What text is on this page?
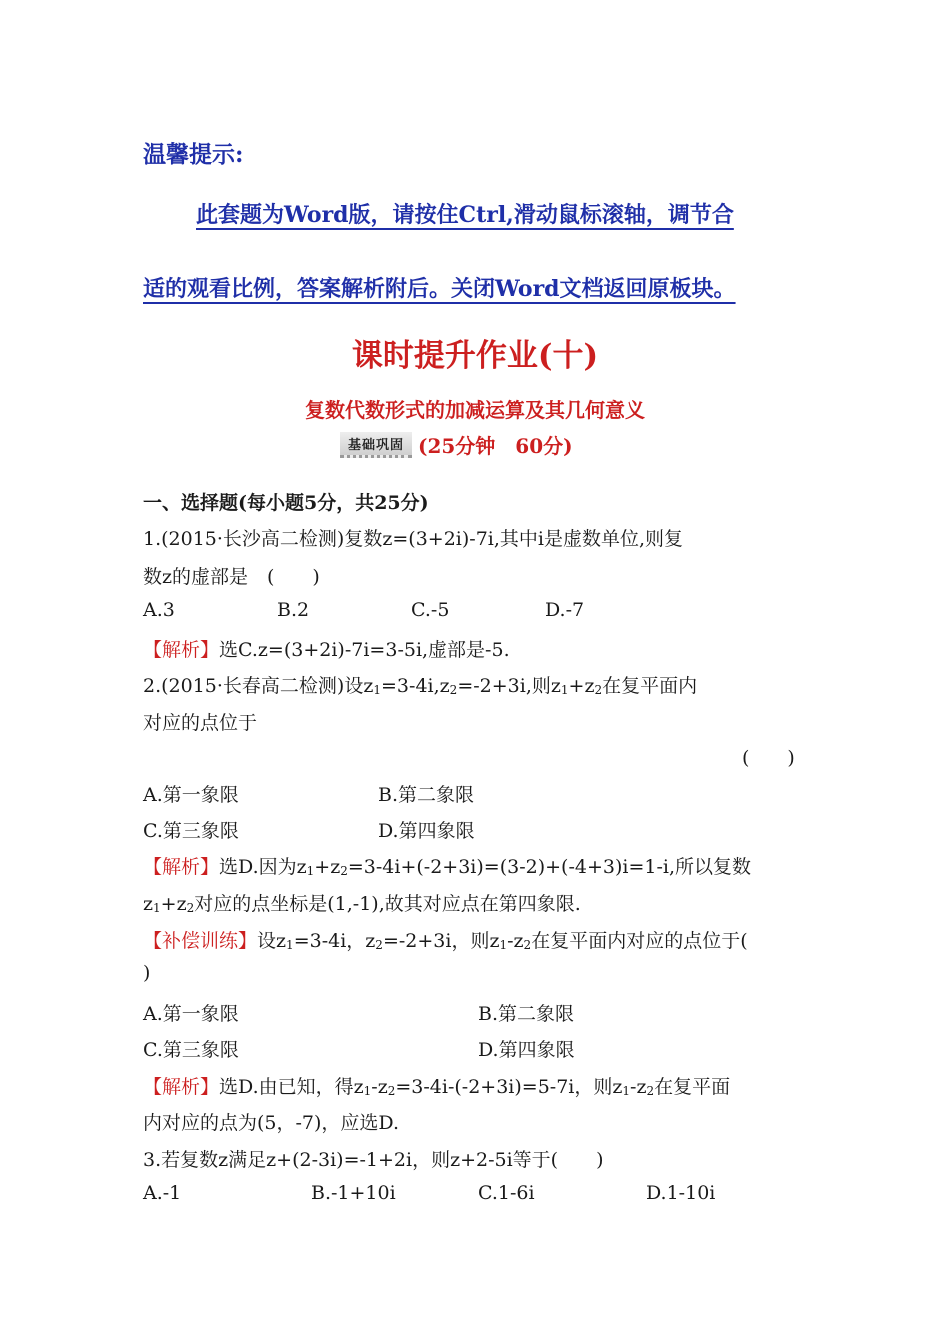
温馨提示:
此套题为Word版，请按住Ctrl,滑动鼠标滚轴，调节合
适的观看比例，答案解析附后。关闭Word文档返回原板块。
课时提升作业(十)
复数代数形式的加减运算及其几何意义
基础巩固 (25分钟　60分)
一、选择题(每小题5分，共25分)
1.(2015·长沙高二检测)复数z=(3+2i)-7i,其中i是虚数单位,则复
数z的虚部是　(　　)
A.3	B.2	C.-5	D.-7
【解析】选C.z=(3+2i)-7i=3-5i,虚部是-5.
2.(2015·长春高二检测)设$z_1=3-4i,z_2=-2+3i$,则$z_1+z_2$在复平面内
对应的点位于
(　　)
A.第一象限	B.第二象限
C.第三象限	D.第四象限
【解析】选D.因为$z_1+z_2=3-4i+(-2+3i)=(3-2)+(-4+3)i=1-i$,所以复数
$z_1+z_2$对应的点坐标是(1,-1),故其对应点在第四象限.
【补偿训练】设$z_1=3-4i$，$z_2=-2+3i$，则$z_1-z_2$在复平面内对应的点位于(
)
A.第一象限	B.第二象限
C.第三象限	D.第四象限
【解析】选D.由已知，得$z_1-z_2=3-4i-(-2+3i)=5-7i$，则$z_1-z_2$在复平面
内对应的点为(5，-7)，应选D.
3.若复数z满足z+(2-3i)=-1+2i，则z+2-5i等于(　　)
A.-1	B.-1+10i	C.1-6i	D.1-10i
